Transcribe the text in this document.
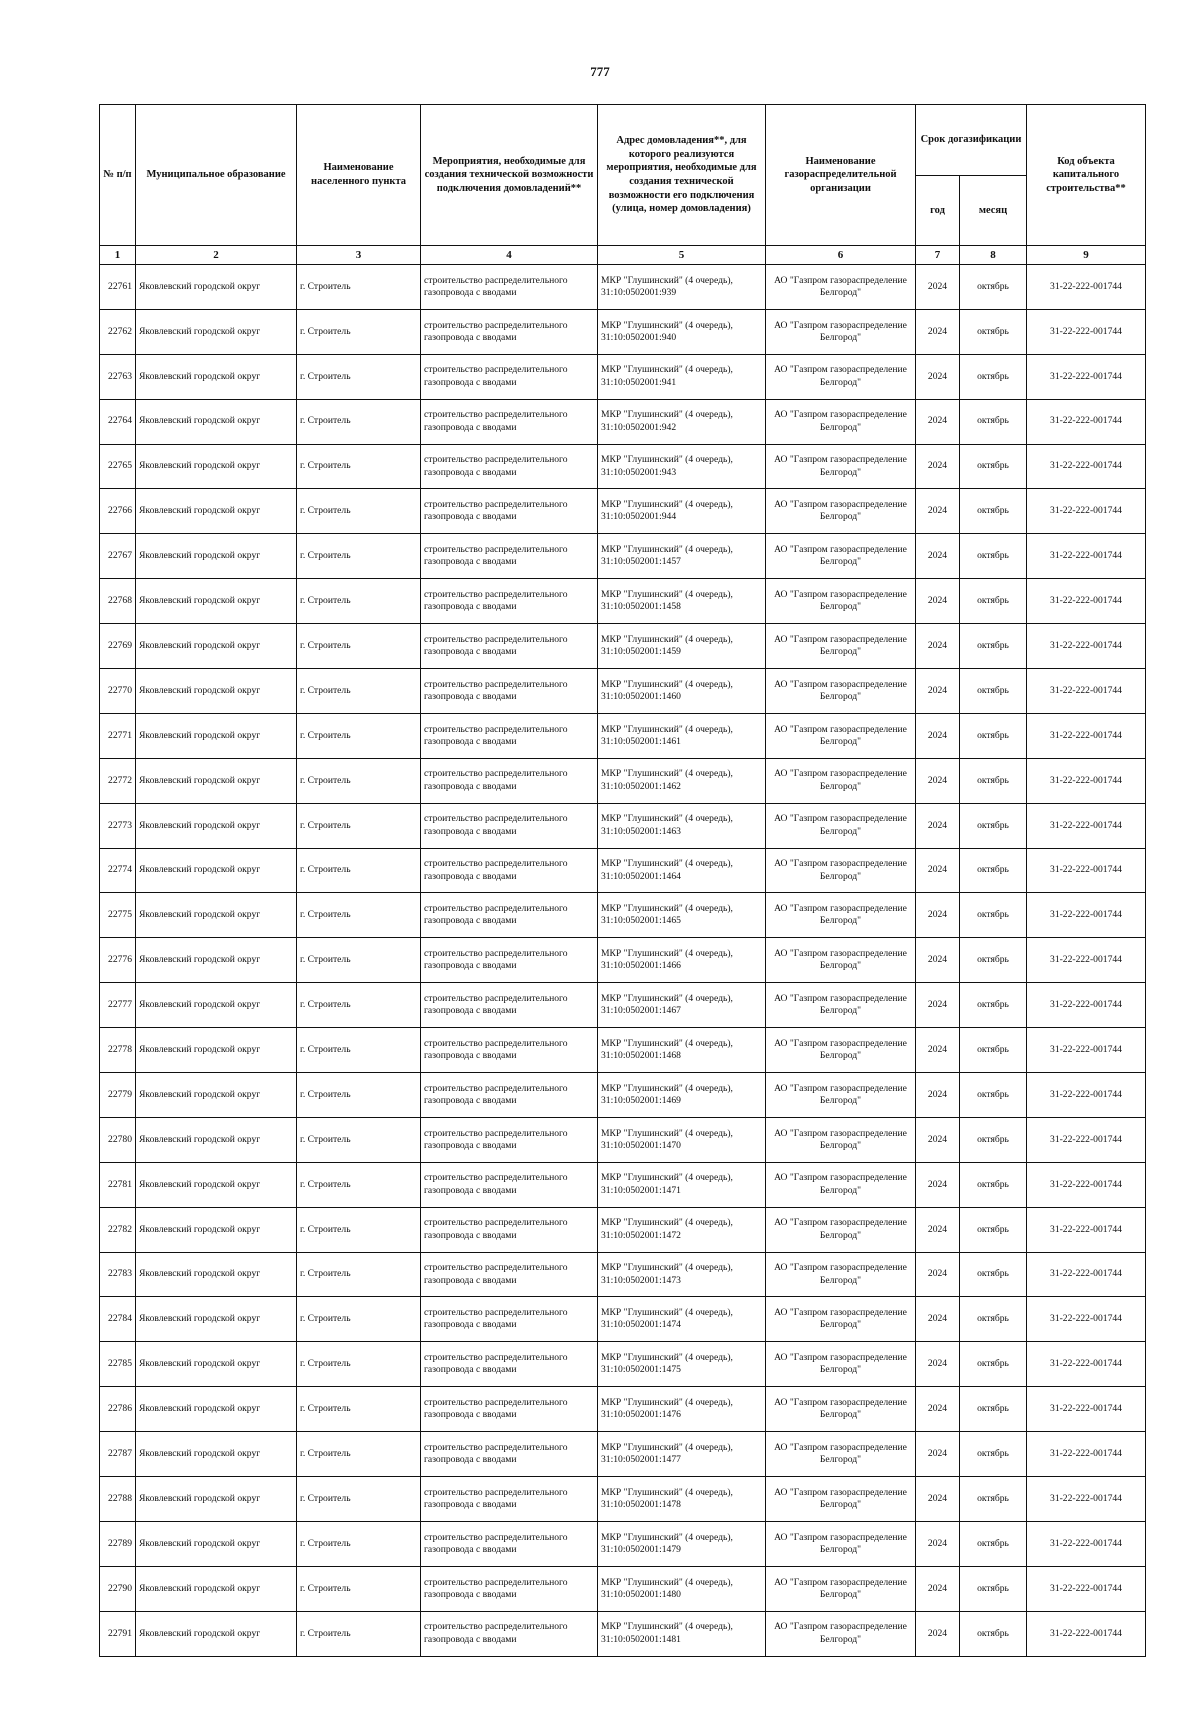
777
№ п/п	Муниципальное образование	Наименование населенного пункта	Мероприятия, необходимые для создания технической возможности подключения домовладений**	Адрес домовладения**, для которого реализуются мероприятия, необходимые для создания технической возможности его подключения (улица, номер домовладения)	Наименование газораспределительной организации	Срок догазификации		Код объекта капитального строительства**
						год	месяц	
1	2	3	4	5	6	7	8	9
22761	Яковлевский городской округ	г. Строитель	строительство распределительного газопровода с вводами	МКР "Глушинский" (4 очередь), 31:10:0502001:939	АО "Газпром газораспределение Белгород"	2024	октябрь	31-22-222-001744
22762	Яковлевский городской округ	г. Строитель	строительство распределительного газопровода с вводами	МКР "Глушинский" (4 очередь), 31:10:0502001:940	АО "Газпром газораспределение Белгород"	2024	октябрь	31-22-222-001744
22763	Яковлевский городской округ	г. Строитель	строительство распределительного газопровода с вводами	МКР "Глушинский" (4 очередь), 31:10:0502001:941	АО "Газпром газораспределение Белгород"	2024	октябрь	31-22-222-001744
22764	Яковлевский городской округ	г. Строитель	строительство распределительного газопровода с вводами	МКР "Глушинский" (4 очередь), 31:10:0502001:942	АО "Газпром газораспределение Белгород"	2024	октябрь	31-22-222-001744
22765	Яковлевский городской округ	г. Строитель	строительство распределительного газопровода с вводами	МКР "Глушинский" (4 очередь), 31:10:0502001:943	АО "Газпром газораспределение Белгород"	2024	октябрь	31-22-222-001744
22766	Яковлевский городской округ	г. Строитель	строительство распределительного газопровода с вводами	МКР "Глушинский" (4 очередь), 31:10:0502001:944	АО "Газпром газораспределение Белгород"	2024	октябрь	31-22-222-001744
22767	Яковлевский городской округ	г. Строитель	строительство распределительного газопровода с вводами	МКР "Глушинский" (4 очередь), 31:10:0502001:1457	АО "Газпром газораспределение Белгород"	2024	октябрь	31-22-222-001744
22768	Яковлевский городской округ	г. Строитель	строительство распределительного газопровода с вводами	МКР "Глушинский" (4 очередь), 31:10:0502001:1458	АО "Газпром газораспределение Белгород"	2024	октябрь	31-22-222-001744
22769	Яковлевский городской округ	г. Строитель	строительство распределительного газопровода с вводами	МКР "Глушинский" (4 очередь), 31:10:0502001:1459	АО "Газпром газораспределение Белгород"	2024	октябрь	31-22-222-001744
22770	Яковлевский городской округ	г. Строитель	строительство распределительного газопровода с вводами	МКР "Глушинский" (4 очередь), 31:10:0502001:1460	АО "Газпром газораспределение Белгород"	2024	октябрь	31-22-222-001744
22771	Яковлевский городской округ	г. Строитель	строительство распределительного газопровода с вводами	МКР "Глушинский" (4 очередь), 31:10:0502001:1461	АО "Газпром газораспределение Белгород"	2024	октябрь	31-22-222-001744
22772	Яковлевский городской округ	г. Строитель	строительство распределительного газопровода с вводами	МКР "Глушинский" (4 очередь), 31:10:0502001:1462	АО "Газпром газораспределение Белгород"	2024	октябрь	31-22-222-001744
22773	Яковлевский городской округ	г. Строитель	строительство распределительного газопровода с вводами	МКР "Глушинский" (4 очередь), 31:10:0502001:1463	АО "Газпром газораспределение Белгород"	2024	октябрь	31-22-222-001744
22774	Яковлевский городской округ	г. Строитель	строительство распределительного газопровода с вводами	МКР "Глушинский" (4 очередь), 31:10:0502001:1464	АО "Газпром газораспределение Белгород"	2024	октябрь	31-22-222-001744
22775	Яковлевский городской округ	г. Строитель	строительство распределительного газопровода с вводами	МКР "Глушинский" (4 очередь), 31:10:0502001:1465	АО "Газпром газораспределение Белгород"	2024	октябрь	31-22-222-001744
22776	Яковлевский городской округ	г. Строитель	строительство распределительного газопровода с вводами	МКР "Глушинский" (4 очередь), 31:10:0502001:1466	АО "Газпром газораспределение Белгород"	2024	октябрь	31-22-222-001744
22777	Яковлевский городской округ	г. Строитель	строительство распределительного газопровода с вводами	МКР "Глушинский" (4 очередь), 31:10:0502001:1467	АО "Газпром газораспределение Белгород"	2024	октябрь	31-22-222-001744
22778	Яковлевский городской округ	г. Строитель	строительство распределительного газопровода с вводами	МКР "Глушинский" (4 очередь), 31:10:0502001:1468	АО "Газпром газораспределение Белгород"	2024	октябрь	31-22-222-001744
22779	Яковлевский городской округ	г. Строитель	строительство распределительного газопровода с вводами	МКР "Глушинский" (4 очередь), 31:10:0502001:1469	АО "Газпром газораспределение Белгород"	2024	октябрь	31-22-222-001744
22780	Яковлевский городской округ	г. Строитель	строительство распределительного газопровода с вводами	МКР "Глушинский" (4 очередь), 31:10:0502001:1470	АО "Газпром газораспределение Белгород"	2024	октябрь	31-22-222-001744
22781	Яковлевский городской округ	г. Строитель	строительство распределительного газопровода с вводами	МКР "Глушинский" (4 очередь), 31:10:0502001:1471	АО "Газпром газораспределение Белгород"	2024	октябрь	31-22-222-001744
22782	Яковлевский городской округ	г. Строитель	строительство распределительного газопровода с вводами	МКР "Глушинский" (4 очередь), 31:10:0502001:1472	АО "Газпром газораспределение Белгород"	2024	октябрь	31-22-222-001744
22783	Яковлевский городской округ	г. Строитель	строительство распределительного газопровода с вводами	МКР "Глушинский" (4 очередь), 31:10:0502001:1473	АО "Газпром газораспределение Белгород"	2024	октябрь	31-22-222-001744
22784	Яковлевский городской округ	г. Строитель	строительство распределительного газопровода с вводами	МКР "Глушинский" (4 очередь), 31:10:0502001:1474	АО "Газпром газораспределение Белгород"	2024	октябрь	31-22-222-001744
22785	Яковлевский городской округ	г. Строитель	строительство распределительного газопровода с вводами	МКР "Глушинский" (4 очередь), 31:10:0502001:1475	АО "Газпром газораспределение Белгород"	2024	октябрь	31-22-222-001744
22786	Яковлевский городской округ	г. Строитель	строительство распределительного газопровода с вводами	МКР "Глушинский" (4 очередь), 31:10:0502001:1476	АО "Газпром газораспределение Белгород"	2024	октябрь	31-22-222-001744
22787	Яковлевский городской округ	г. Строитель	строительство распределительного газопровода с вводами	МКР "Глушинский" (4 очередь), 31:10:0502001:1477	АО "Газпром газораспределение Белгород"	2024	октябрь	31-22-222-001744
22788	Яковлевский городской округ	г. Строитель	строительство распределительного газопровода с вводами	МКР "Глушинский" (4 очередь), 31:10:0502001:1478	АО "Газпром газораспределение Белгород"	2024	октябрь	31-22-222-001744
22789	Яковлевский городской округ	г. Строитель	строительство распределительного газопровода с вводами	МКР "Глушинский" (4 очередь), 31:10:0502001:1479	АО "Газпром газораспределение Белгород"	2024	октябрь	31-22-222-001744
22790	Яковлевский городской округ	г. Строитель	строительство распределительного газопровода с вводами	МКР "Глушинский" (4 очередь), 31:10:0502001:1480	АО "Газпром газораспределение Белгород"	2024	октябрь	31-22-222-001744
22791	Яковлевский городской округ	г. Строитель	строительство распределительного газопровода с вводами	МКР "Глушинский" (4 очередь), 31:10:0502001:1481	АО "Газпром газораспределение Белгород"	2024	октябрь	31-22-222-001744
